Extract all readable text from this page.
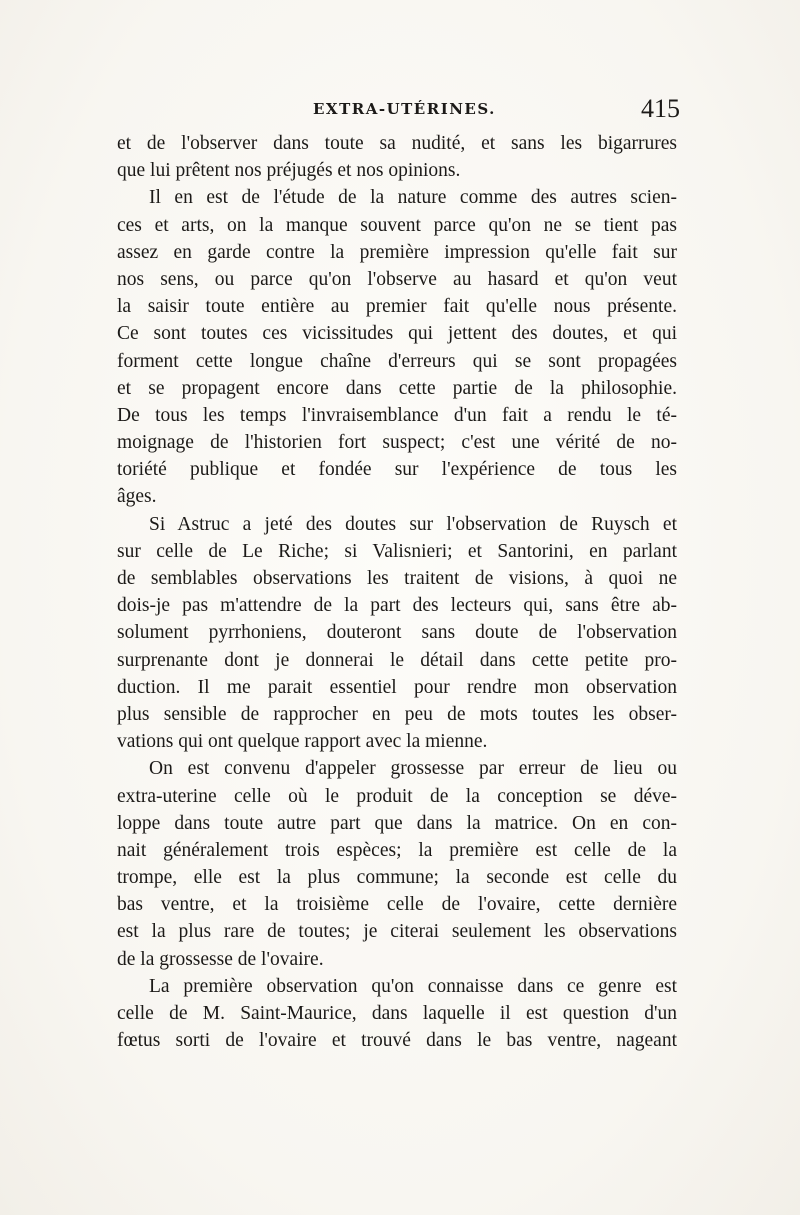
EXTRA-UTÉRINES.	415
et de l'observer dans toute sa nudité, et sans les bigarrures
que lui prêtent nos préjugés et nos opinions.
Il en est de l'étude de la nature comme des autres scien-
ces et arts, on la manque souvent parce qu'on ne se tient pas
assez en garde contre la première impression qu'elle fait sur
nos sens, ou parce qu'on l'observe au hasard et qu'on veut
la saisir toute entière au premier fait qu'elle nous présente.
Ce sont toutes ces vicissitudes qui jettent des doutes, et qui
forment cette longue chaîne d'erreurs qui se sont propagées
et se propagent encore dans cette partie de la philosophie.
De tous les temps l'invraisemblance d'un fait a rendu le té-
moignage de l'historien fort suspect; c'est une vérité de no-
toriété publique et fondée sur l'expérience de tous les
âges.
Si Astruc a jeté des doutes sur l'observation de Ruysch et
sur celle de Le Riche; si Valisnieri; et Santorini, en parlant
de semblables observations les traitent de visions, à quoi ne
dois-je pas m'attendre de la part des lecteurs qui, sans être ab-
solument pyrrhoniens, douteront sans doute de l'observation
surprenante dont je donnerai le détail dans cette petite pro-
duction. Il me parait essentiel pour rendre mon observation
plus sensible de rapprocher en peu de mots toutes les obser-
vations qui ont quelque rapport avec la mienne.
On est convenu d'appeler grossesse par erreur de lieu ou
extra-uterine celle où le produit de la conception se déve-
loppe dans toute autre part que dans la matrice. On en con-
nait généralement trois espèces; la première est celle de la
trompe, elle est la plus commune; la seconde est celle du
bas ventre, et la troisième celle de l'ovaire, cette dernière
est la plus rare de toutes; je citerai seulement les observations
de la grossesse de l'ovaire.
La première observation qu'on connaisse dans ce genre est
celle de M. Saint-Maurice, dans laquelle il est question d'un
fœtus sorti de l'ovaire et trouvé dans le bas ventre, nageant
